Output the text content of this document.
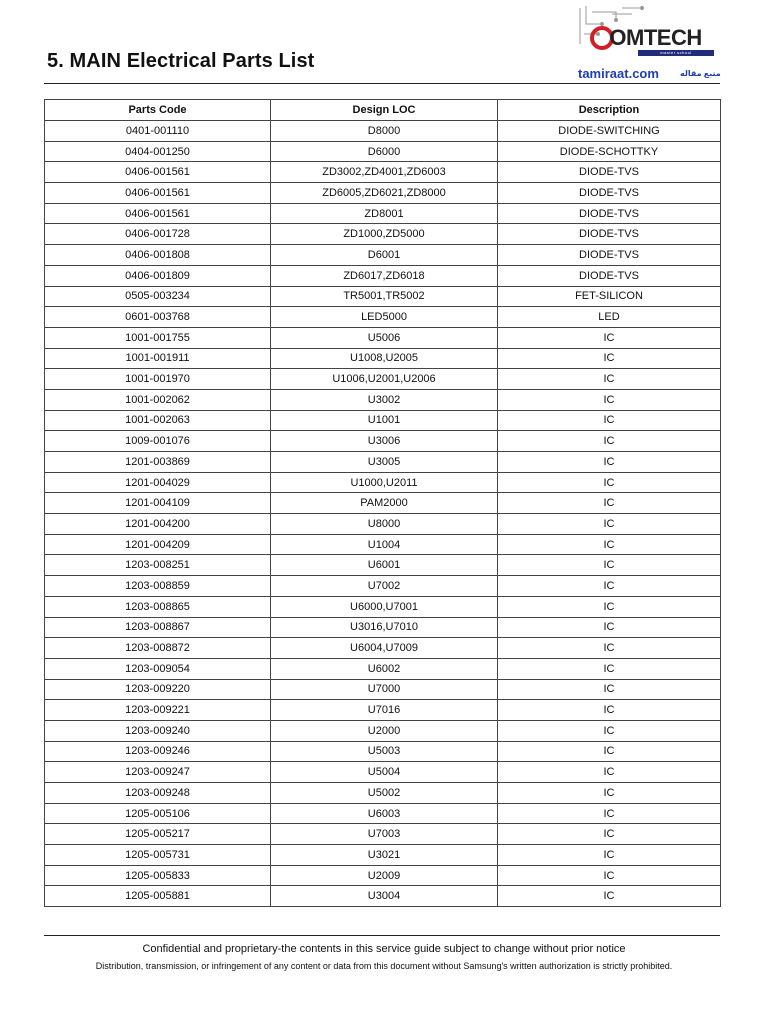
5. MAIN Electrical Parts List
OMTECH
master school
tamiraat.com	منبع مقاله
Parts Code	Design LOC	Description
0401-001110	D8000	DIODE-SWITCHING
0404-001250	D6000	DIODE-SCHOTTKY
0406-001561	ZD3002,ZD4001,ZD6003	DIODE-TVS
0406-001561	ZD6005,ZD6021,ZD8000	DIODE-TVS
0406-001561	ZD8001	DIODE-TVS
0406-001728	ZD1000,ZD5000	DIODE-TVS
0406-001808	D6001	DIODE-TVS
0406-001809	ZD6017,ZD6018	DIODE-TVS
0505-003234	TR5001,TR5002	FET-SILICON
0601-003768	LED5000	LED
1001-001755	U5006	IC
1001-001911	U1008,U2005	IC
1001-001970	U1006,U2001,U2006	IC
1001-002062	U3002	IC
1001-002063	U1001	IC
1009-001076	U3006	IC
1201-003869	U3005	IC
1201-004029	U1000,U2011	IC
1201-004109	PAM2000	IC
1201-004200	U8000	IC
1201-004209	U1004	IC
1203-008251	U6001	IC
1203-008859	U7002	IC
1203-008865	U6000,U7001	IC
1203-008867	U3016,U7010	IC
1203-008872	U6004,U7009	IC
1203-009054	U6002	IC
1203-009220	U7000	IC
1203-009221	U7016	IC
1203-009240	U2000	IC
1203-009246	U5003	IC
1203-009247	U5004	IC
1203-009248	U5002	IC
1205-005106	U6003	IC
1205-005217	U7003	IC
1205-005731	U3021	IC
1205-005833	U2009	IC
1205-005881	U3004	IC
Confidential and proprietary-the contents in this service guide subject to change without prior notice
Distribution, transmission, or infringement of any content or data from this document without Samsung's written authorization is strictly prohibited.
